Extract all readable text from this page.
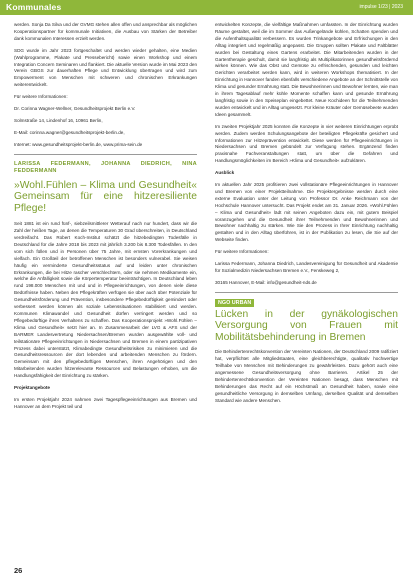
Kommunales	impulse 1/23 | 2023

werden. Sonja Da Silva und der GVMG stehen allen offen und ansprechbar als möglichen Kooperationspartner für kommunale Initiativen, die Ausbau von Stärken der Betreiber dank kommunalen Interessen erzielt werden.

SDG wurde im Jahr 2023 fortgeschaltet und werden wieder gehalten, eine Medien (Wahlprogramme, Plakate und Pressebericht) sowie einen Workshop und einem Integration Concern Seminaren und flankiert. Die aktuelle Version wurde im Mai 2023 den Verein GBGS zur dauerhaften Pflege und Entwicklung übertragen und wird zum Empowerment von Menschen mit schweren und chronischen Erkrankungen weiterentwickelt.

Für weitere Informationen:

Dr. Corinna Wagner-Wellner, Gesundheitsprojekt Berlin e.V.

Solmstraße 14, Lindenhof 16, 10961 Berlin,

E-Mail: corinna.wagner@gesundheitsprojekt-berlin.de,

Internet: www.gesundheitsprojekt-berlin.de, www.prima-sein.de

LARISSA FEDERMANN, JOHANNA DIEDRICH, NINA FEDDERMANN

»Wohl.Fühlen – Klima und Gesundheit« Gemeinsam für eine hitzeresiliente Pflege!

Seit 1881 ist ein rund fünf-, siebzeilsmittlerer Wetterauf nach nur hundert, dass wir die Zahl der heißen Tage, an denen die Temperaturen 30 Grad überschreiten, in Deutschland verdreifacht. Das Robert Koch-Institut schätzt die hitzebedingten Todesfälle in Deutschland für die Jahre 2018 bis 2023 mit jährlich 3.200 bis 8.300 Todesfällen. In den vom sich füllen und in Personen über 75 Jahre, mit ernsten Vorerkrankungen und vielfach. Ein Großteil der betroffenen Menschen ist besonders vulnerabel. Sie weisen häufig ein verminderte Gesundheitsstatus auf und leiden unter chronischen Erkrankungen, die bei Hitze rascher verschlechtern, oder sie nehmen Medikamente ein, welche die Anfälligkeit sowie die Körpertemperatur beeinträchtigen. In Deutschland leben rund 198.000 Menschen mit und und in Pflegeeinrichtungen, von denen viele diese Bedürfnisse haben. Neben den Pflegekräften verfügen sie über auch über Potenziale für Gesundheitsförderung und Prävention, insbesondere Pflegebedürftigkeit gemindert oder verbessert werden können als soziale Lebenssituationen stabilisiert und werden. Kommunen Klimawandel und Gesundheit dürfen verringert werden und so Pflegebedürftige ihres Verhaltens zu schaffen. Das Kooperationsprojekt »Wohl.Fühlen – Klima und Gesundheit« setzt hier an. In Zusammenarbeit der LVG & AFS und der BARMER Landesvertretung Niedersachsen/Bremen wurden ausgewählte voll- und teilstationäre Pflegeeinrichtungen in Niedersachsen und Bremen in einem partizipativen Prozess dabei unterstützt, Klimabedingte Gesundheitsrisiken zu minimieren und die Gesundheitsressourcen der dort lebenden und arbeitenden Menschen zu fördern. Gemeinsam mit den pflegebedürftigen Menschen, ihren Angehörigen und den Mitarbeitenden wurden hitzerelevante Ressourcen und Belastungen erhoben, um die Handlungsfähigkeit der Einrichtung zu stärken.

Projektangebote

Im ersten Projektjahr 2024 nahmen zwei Tagespflegeeinrichtungen aus Bremen und Hannover an dem Projekt teil und

entwickelten Konzepte, die vielfältige Maßnahmen umfassten. In der Einrichtung wurden Räume gestaltet, weil die im Sommer das Außengelände kühlen, Schatten spenden und die Aufenthaltsqualität verbessern. Es wurden Trinkangebote und Erfrischungen in den Alltag integriert und regelmäßig angepasst. Die Gruppen sollten Plakate und Faltblätter wurden bei Gestaltung eines Gartens erarbeitet. Die Mitarbeitenden wurden in der Gartentherapie geschult, damit sie langfristig als Multiplikatorinnen gesundheitsfördernd wirken können. Wie das Obst und Gemüse zu erfrischenden, gesunden und leichten Gerichten verarbeitet werden kann, wird in weiteren Workshops thematisiert. In der Einrichtung in Hannover fanden ebenfalls verschiedene Angebote an der Schnittstelle von Klima und gesunder Ernährung statt. Die Bewohnerinnen und Bewohner lernten, wie man in ihrem Tagesablauf mehr kühle Momente schaffen kann und gesunde Ernährung langfristig sowie in den Speiseplan eingebettet. Neue Kochideen für die Teilnehmenden wurden entwickelt und im Alltag umgesetzt. Für kleine Kräuter oder Gemüsebeete wurden Ideen gesammelt.

Im zweiten Projektjahr 2025 konnten die Konzepte in vier weiteren Einrichtungen erprobt werden. Zudem werden Schulungsangebote der beteiligten Pflegekräfte gesichert und Informationen zur Hitzeprävention entwickelt. Diese werden für Pflegeeinrichtungen in Niedersachsen und Bremen gebündelt zur Verfügung stehen. Ergänzend finden praxisnahe Fachveranstaltungen statt, um über die Gefahren und Handlungsmöglichkeiten im Bereich »Klima und Gesundheit« aufzuklären.

Ausblick

Im aktuellen Jahr 2025 profitieren zwei vollstationäre Pflegeeinrichtungen in Hannover und Bremen von einer Projektteilnahme. Die Projektergebnisse werden durch eine externe Evaluation unter der Leitung von Professor Dr. Anke Reichmann von der Hochschule Hannover untersucht. Das Projekt endet am 31. Januar 2026. »Wohl.Fühlen – Klima und Gesundheit« lädt mit seinen Angeboten dazu ein, mit gutem Beispiel voranzugehen und die Gesundheit ihrer Teilnehmenden und Bewohnerinnen und Bewohner nachhaltig zu stärken. Wie Sie den Prozess in Ihrer Einrichtung nachhaltig gestalten und in den Alltag überführen, ist in der Publikation zu lesen, die Sie auf der Webseite finden.

Für weitere Informationen:

Larissa Federmann, Johanna Diedrich, Landesvereinigung für Gesundheit und Akademie für Sozialmedizin Niedersachsen Bremen e.V., Fenskeweg 2,

30165 Hannover, E-Mail: info@gesundheit-nds.de

NGO URBAN
Lücken in der gynäkologischen Versorgung von Frauen mit Mobilitätsbehinderung in Bremen

Die Behindertenrechtskonvention der Vereinten Nationen, der Deutschland 2009 ratifiziert hat, verpflichtet alle Mitgliedstaaten, eine gleichberechtigte, qualitativ hochwertige Teilhabe von Menschen mit Behinderungen zu gewährleisten. Dazu gehört auch eine angemessene Gesundheitsversorgung ohne Barrieren. Artikel 25 der Behindertenrechtskonvention der Vereinten Nationen besagt, dass Menschen mit Behinderungen das Recht auf ein Höchstmaß an Gesundheit haben, sowie eine gesundheitliche Versorgung in demselben Umfang, derselben Qualität und demselben Standard wie andere Menschen.

26
